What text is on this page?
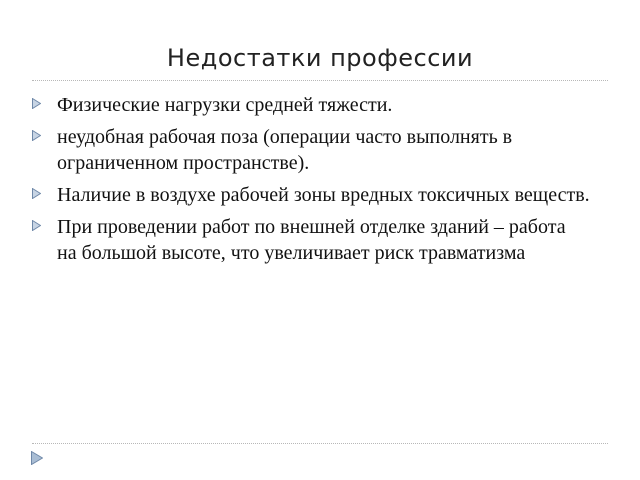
Недостатки профессии
Физические нагрузки средней тяжести.
неудобная рабочая поза (операции часто выполнять в ограниченном пространстве).
Наличие в воздухе рабочей зоны вредных токсичных веществ.
При проведении работ по внешней отделке зданий – работа на большой высоте, что увеличивает риск травматизма
